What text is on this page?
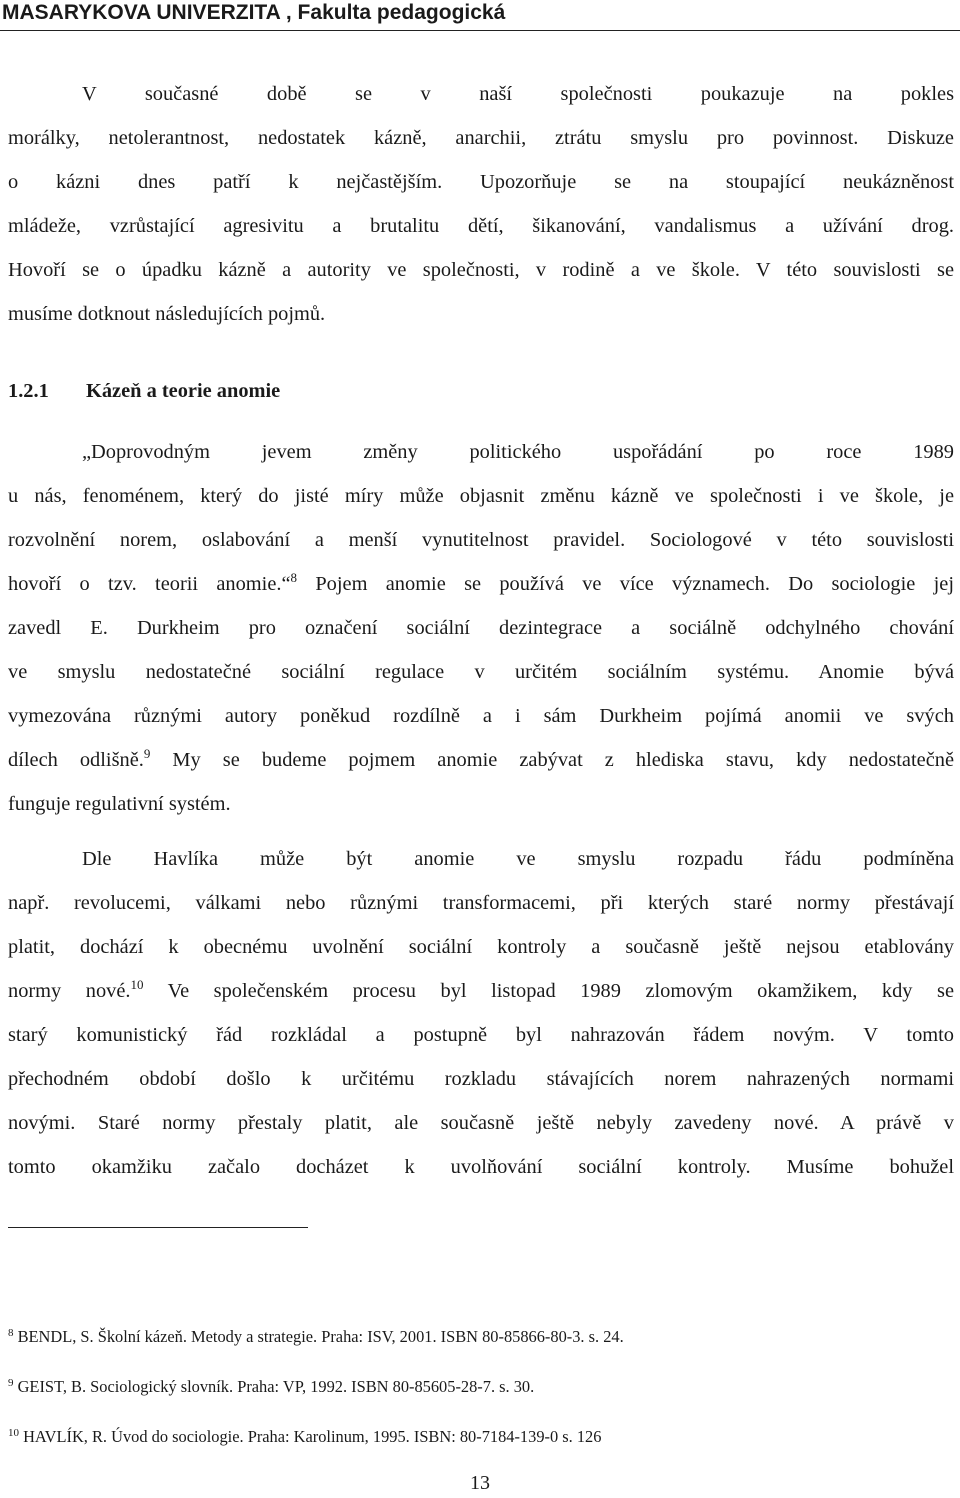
MASARYKOVA UNIVERZITA , Fakulta pedagogická
V současné době se v naší společnosti poukazuje na pokles
morálky, netolerantnost, nedostatek kázně, anarchii, ztrátu smyslu pro povinnost. Diskuze
o kázni dnes patří k nejčastějším. Upozorňuje se na stoupající neukázněnost
mládeže, vzrůstající agresivitu a brutalitu dětí, šikanování, vandalismus a užívání drog.
Hovoří se o úpadku kázně a autority ve společnosti, v rodině a ve škole. V této souvislosti se
musíme dotknout následujících pojmů.
1.2.1 Kázeň a teorie anomie
„Doprovodným jevem změny politického uspořádání po roce 1989
u nás, fenoménem, který do jisté míry může objasnit změnu kázně ve společnosti i ve škole, je
rozvolnění norem, oslabování a menší vynutitelnost pravidel. Sociologové v této souvislosti
hovoří o tzv. teorii anomie.“$^8$ Pojem anomie se používá ve více významech. Do sociologie jej
zavedl E. Durkheim pro označení sociální dezintegrace a sociálně odchylného chování
ve smyslu nedostatečné sociální regulace v určitém sociálním systému. Anomie bývá
vymezována různými autory poněkud rozdílně a i sám Durkheim pojímá anomii ve svých
dílech odlišně.$^9$ My se budeme pojmem anomie zabývat z hlediska stavu, kdy nedostatečně
funguje regulativní systém.
Dle Havlíka může být anomie ve smyslu rozpadu řádu podmíněna
např. revolucemi, válkami nebo různými transformacemi, při kterých staré normy přestávají
platit, dochází k obecnému uvolnění sociální kontroly a současně ještě nejsou etablovány
normy nové.$^{10}$ Ve společenském procesu byl listopad 1989 zlomovým okamžikem, kdy se
starý komunistický řád rozkládal a postupně byl nahrazován řádem novým. V tomto
přechodném období došlo k určitému rozkladu stávajících norem nahrazených normami
novými. Staré normy přestaly platit, ale současně ještě nebyly zavedeny nové. A právě v
tomto okamžiku začalo docházet k uvolňování sociální kontroly. Musíme bohužel
$^8$ BENDL, S. Školní kázeň. Metody a strategie. Praha: ISV, 2001. ISBN 80-85866-80-3. s. 24.
$^9$ GEIST, B. Sociologický slovník. Praha: VP, 1992. ISBN 80-85605-28-7. s. 30.
$^{10}$ HAVLÍK, R. Úvod do sociologie. Praha: Karolinum, 1995. ISBN: 80-7184-139-0 s. 126
13
